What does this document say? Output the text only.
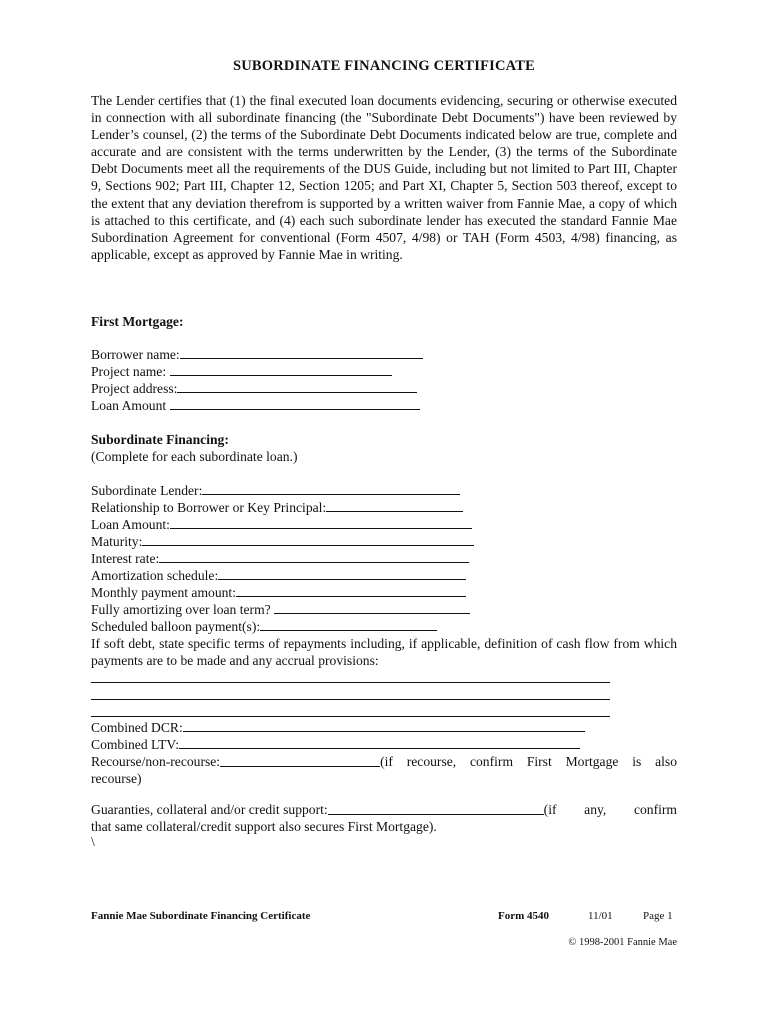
SUBORDINATE FINANCING CERTIFICATE

The Lender certifies that (1) the final executed loan documents evidencing, securing or otherwise executed in connection with all subordinate financing (the "Subordinate Debt Documents") have been reviewed by Lender’s counsel, (2) the terms of the Subordinate Debt Documents indicated below are true, complete and accurate and are consistent with the terms underwritten by the Lender, (3) the terms of the Subordinate Debt Documents meet all the requirements of the DUS Guide, including but not limited to Part III, Chapter 9, Sections 902; Part III, Chapter 12, Section 1205; and Part XI, Chapter 5, Section 503 thereof, except to the extent that any deviation therefrom is supported by a written waiver from Fannie Mae, a copy of which is attached to this certificate, and (4) each such subordinate lender has executed the standard Fannie Mae Subordination Agreement for conventional (Form 4507, 4/98) or TAH (Form 4503, 4/98) financing, as applicable, except as approved by Fannie Mae in writing.

First Mortgage:
Borrower name:
Project name:
Project address:
Loan Amount
Subordinate Financing:
(Complete for each subordinate loan.)
Subordinate Lender:
Relationship to Borrower or Key Principal:
Loan Amount:
Maturity:
Interest rate:
Amortization schedule:
Monthly payment amount:
Fully amortizing over loan term?
Scheduled balloon payment(s):

If soft debt, state specific terms of repayments including, if applicable, definition of cash flow from which payments are to be made and any accrual provisions:

Combined DCR:
Combined LTV:
Recourse/non-recourse:	(if recourse, confirm First Mortgage is also
recourse)
Guaranties, collateral and/or credit support:	(if any, confirm
that same collateral/credit support also secures First Mortgage).
\
Fannie Mae Subordinate Financing Certificate	Form 4540	11/01	Page 1
© 1998-2001 Fannie Mae
